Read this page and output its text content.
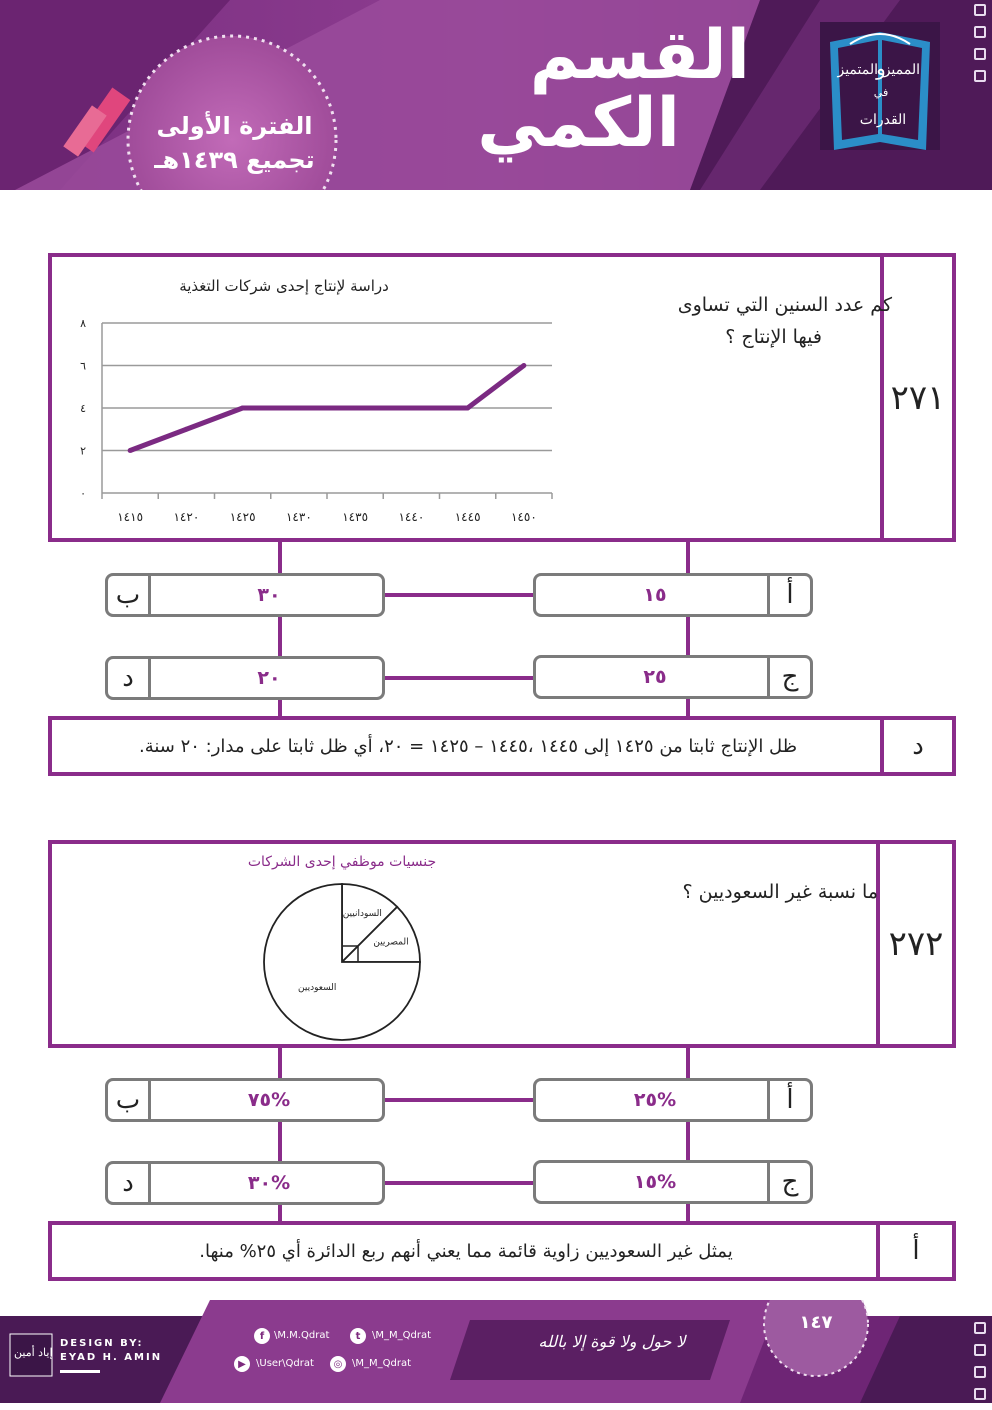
القسم
الكمي
الفترة الأولى
تجميع ١٤٣٩هـ
المميز
في
القدرات
و
المتميز
٢٧١
كم عدد السنين التي تساوى
فيها الإنتاج ؟
دراسة لإنتاج إحدى شركات التغذية
٠
٢
٤
٦
٨
١٤١٥	١٤٢٠	١٤٢٥	١٤٣٠	١٤٣٥	١٤٤٠	١٤٤٥	١٤٥٠
أ
١٥
ب	٣٠
ج
٢٥
د	٢٠
د
ظل الإنتاج ثابتا من ١٤٢٥ إلى ١٤٤٥ ،١٤٤٥ – ١٤٢٥ = ٢٠، أي ظل ثابتا على مدار: ٢٠ سنة.
٢٧٢
ما نسبة غير السعوديين ؟
جنسيات موظفي إحدى الشركات
السودانيين
المصريين
السعوديين
أ
٢٥%
ب	٧٥%
ج
١٥%
د	٣٠%
أ
يمثل غير السعوديين زاوية قائمة مما يعني أنهم ربع الدائرة أي ٢٥% منها.
DESIGN BY:
EYAD H. AMIN
إياد أمين
f \M.M.Qdrat	t	\M_M_Qdrat
▶	\User\Qdrat	◎ \M_M_Qdrat
لا حول ولا قوة إلا بالله
١٤٧
